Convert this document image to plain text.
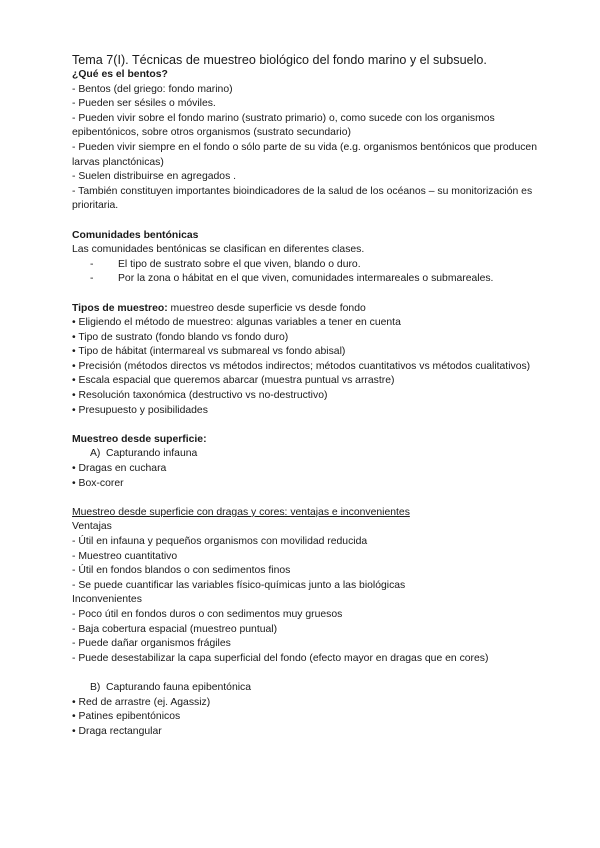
Tema 7(I). Técnicas de muestreo biológico del fondo marino y el subsuelo.
¿Qué es el bentos?
- Bentos (del griego: fondo marino)
- Pueden ser sésiles o móviles.
- Pueden vivir sobre el fondo marino (sustrato primario) o, como sucede con los organismos epibentónicos, sobre otros organismos (sustrato secundario)
- Pueden vivir siempre en el fondo o sólo parte de su vida (e.g. organismos bentónicos que producen larvas planctónicas)
- Suelen distribuirse en agregados .
- También constituyen importantes bioindicadores de la salud de los océanos – su monitorización es prioritaria.
Comunidades bentónicas
Las comunidades bentónicas se clasifican en diferentes clases.
-	El tipo de sustrato sobre el que viven, blando o duro.
-	Por la zona o hábitat en el que viven, comunidades intermareales o submareales.
Tipos de muestreo: muestreo desde superficie vs desde fondo
• Eligiendo el método de muestreo: algunas variables a tener en cuenta
• Tipo de sustrato (fondo blando vs fondo duro)
• Tipo de hábitat (intermareal vs submareal vs fondo abisal)
• Precisión (métodos directos vs métodos indirectos; métodos cuantitativos vs métodos cualitativos)
• Escala espacial que queremos abarcar (muestra puntual vs arrastre)
• Resolución taxonómica (destructivo vs no-destructivo)
• Presupuesto y posibilidades
Muestreo desde superficie:
A) Capturando infauna
• Dragas en cuchara
• Box-corer
Muestreo desde superficie con dragas y cores: ventajas e inconvenientes
Ventajas
- Útil en infauna y pequeños organismos con movilidad reducida
- Muestreo cuantitativo
- Útil en fondos blandos o con sedimentos finos
- Se puede cuantificar las variables físico-químicas junto a las biológicas
Inconvenientes
- Poco útil en fondos duros o con sedimentos muy gruesos
- Baja cobertura espacial (muestreo puntual)
- Puede dañar organismos frágiles
- Puede desestabilizar la capa superficial del fondo (efecto mayor en dragas que en cores)
B) Capturando fauna epibentónica
• Red de arrastre (ej. Agassiz)
• Patines epibentónicos
• Draga rectangular
